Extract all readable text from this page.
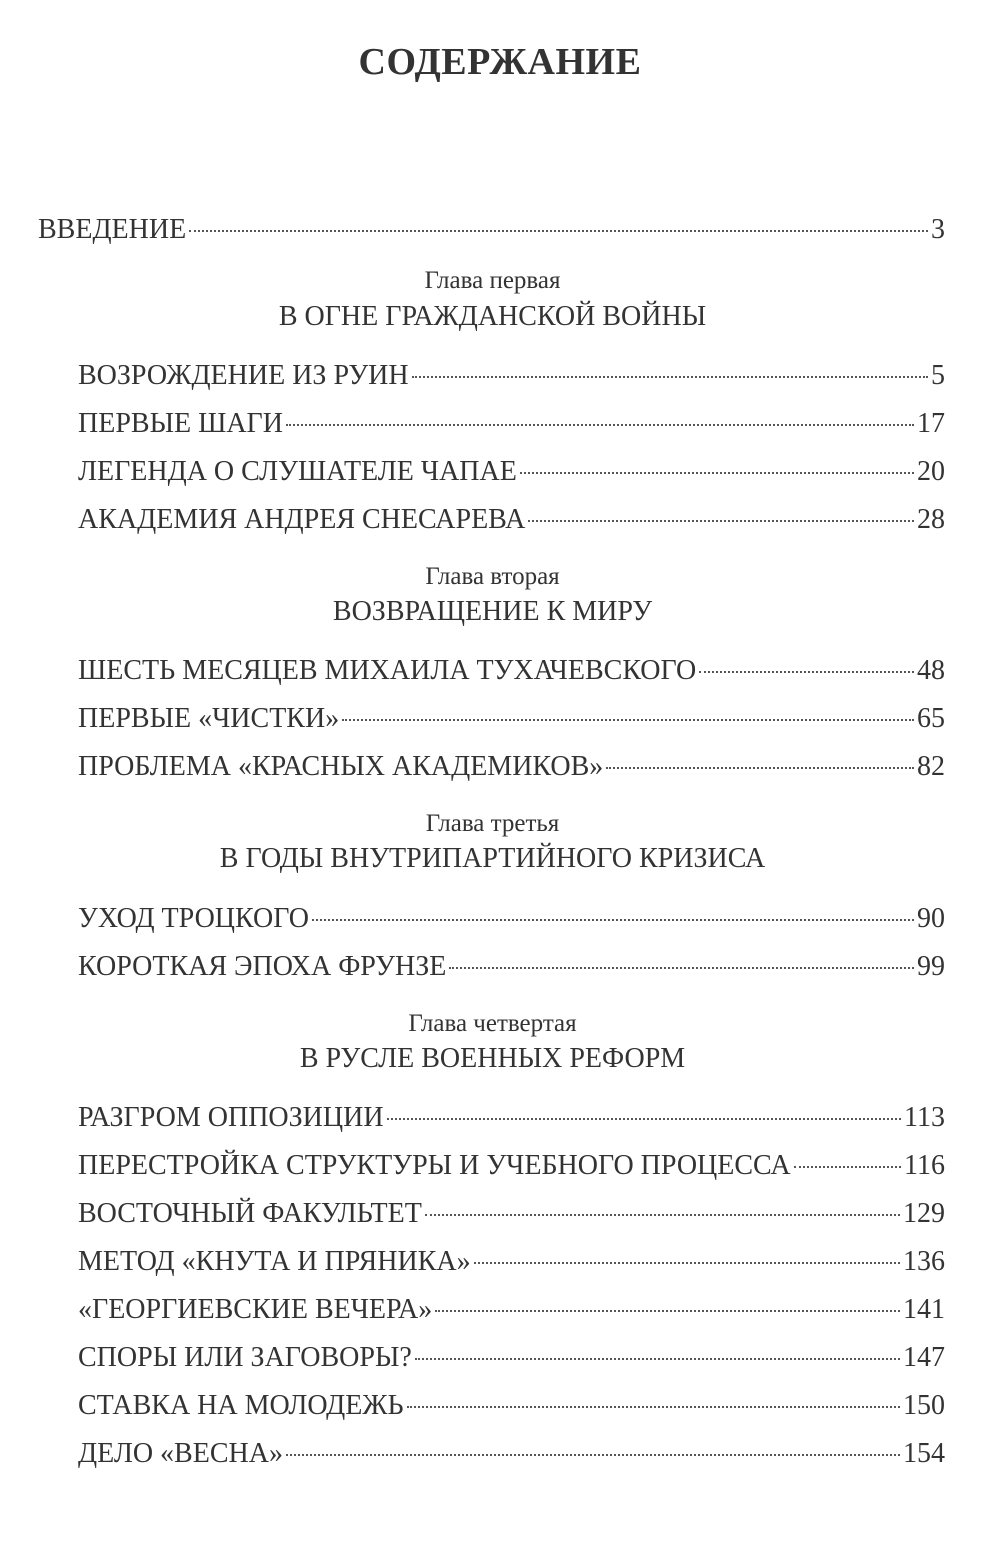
СОДЕРЖАНИЕ
ВВЕДЕНИЕ	3
Глава первая
В ОГНЕ ГРАЖДАНСКОЙ ВОЙНЫ
ВОЗРОЖДЕНИЕ ИЗ РУИН	5
ПЕРВЫЕ ШАГИ	17
ЛЕГЕНДА О СЛУШАТЕЛЕ ЧАПАЕ	20
АКАДЕМИЯ АНДРЕЯ СНЕСАРЕВА	28
Глава вторая
ВОЗВРАЩЕНИЕ К МИРУ
ШЕСТЬ МЕСЯЦЕВ МИХАИЛА ТУХАЧЕВСКОГО	48
ПЕРВЫЕ «ЧИСТКИ»	65
ПРОБЛЕМА «КРАСНЫХ АКАДЕМИКОВ»	82
Глава третья
В ГОДЫ ВНУТРИПАРТИЙНОГО КРИЗИСА
УХОД ТРОЦКОГО	90
КОРОТКАЯ ЭПОХА ФРУНЗЕ	99
Глава четвертая
В РУСЛЕ ВОЕННЫХ РЕФОРМ
РАЗГРОМ ОППОЗИЦИИ	113
ПЕРЕСТРОЙКА СТРУКТУРЫ И УЧЕБНОГО ПРОЦЕССА	116
ВОСТОЧНЫЙ ФАКУЛЬТЕТ	129
МЕТОД «КНУТА И ПРЯНИКА»	136
«ГЕОРГИЕВСКИЕ ВЕЧЕРА»	141
СПОРЫ ИЛИ ЗАГОВОРЫ?	147
СТАВКА НА МОЛОДЕЖЬ	150
ДЕЛО «ВЕСНА»	154
